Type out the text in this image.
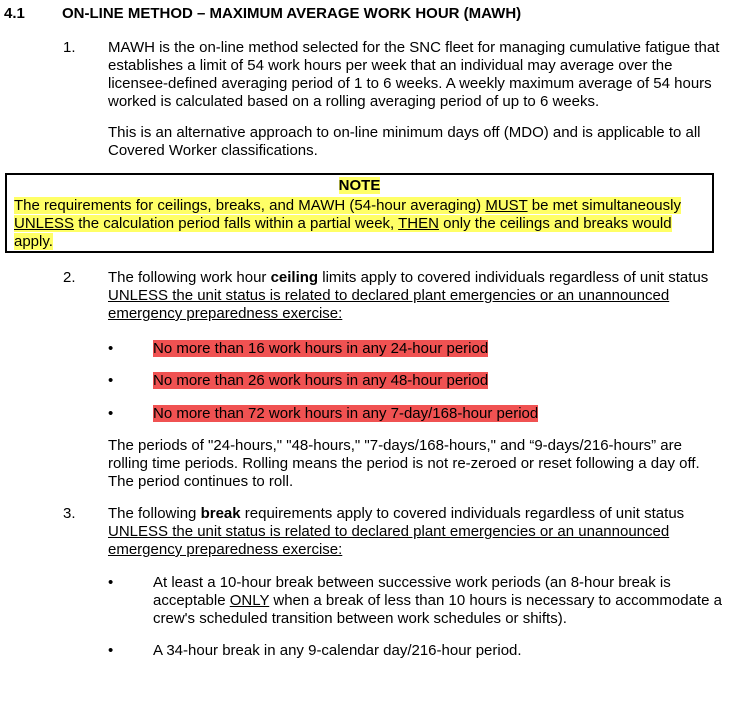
4.1 ON-LINE METHOD – MAXIMUM AVERAGE WORK HOUR (MAWH)
1. MAWH is the on-line method selected for the SNC fleet for managing cumulative fatigue that establishes a limit of 54 work hours per week that an individual may average over the licensee-defined averaging period of 1 to 6 weeks. A weekly maximum average of 54 hours worked is calculated based on a rolling averaging period of up to 6 weeks.
This is an alternative approach to on-line minimum days off (MDO) and is applicable to all Covered Worker classifications.
NOTE
The requirements for ceilings, breaks, and MAWH (54-hour averaging) MUST be met simultaneously UNLESS the calculation period falls within a partial week, THEN only the ceilings and breaks would apply.
2. The following work hour ceiling limits apply to covered individuals regardless of unit status UNLESS the unit status is related to declared plant emergencies or an unannounced emergency preparedness exercise:
•	No more than 16 work hours in any 24-hour period
•	No more than 26 work hours in any 48-hour period
•	No more than 72 work hours in any 7-day/168-hour period
The periods of "24-hours," "48-hours," "7-days/168-hours," and “9-days/216-hours” are rolling time periods. Rolling means the period is not re-zeroed or reset following a day off. The period continues to roll.
3. The following break requirements apply to covered individuals regardless of unit status UNLESS the unit status is related to declared plant emergencies or an unannounced emergency preparedness exercise:
•	At least a 10-hour break between successive work periods (an 8-hour break is acceptable ONLY when a break of less than 10 hours is necessary to accommodate a crew's scheduled transition between work schedules or shifts).
•	A 34-hour break in any 9-calendar day/216-hour period.
